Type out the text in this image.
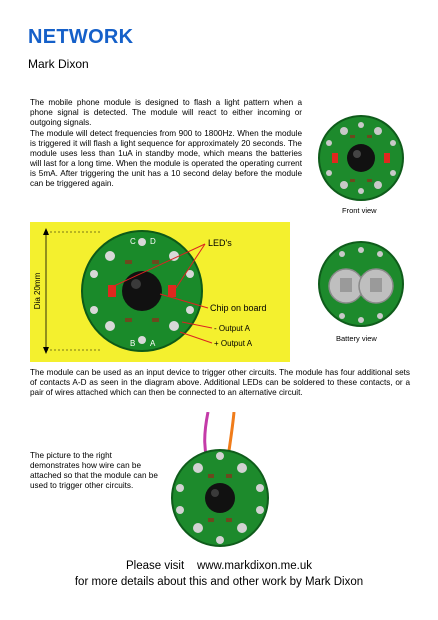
NETWORK
Mark Dixon
The mobile phone module is designed to flash a light pattern when a phone signal is detected. The module will react to either incoming or outgoing signals.
The module will detect frequencies from 900 to 1800Hz. When the module is triggered it will flash a light sequence for approximately 20 seconds. The module uses less than 1uA in standby mode, which means the batteries will last for a long time. When the module is operated the operating current is 5mA. After triggering the unit has a 10 second delay before the module can be triggered again.
Front view
Dia 20mm
C D
B A
LED's
Chip on board
- Output A
+ Output A
Battery view
The module can be used as an input device to trigger other circuits. The module has four additional sets of contacts A-D as seen in the diagram above. Additional LEDs can be soldered to these contacts, or a pair of wires attached which can then be connected to an alternative circuit.
The picture to the right demonstrates how wire can be attached so that the module can be used to trigger other circuits.
Please visit    www.markdixon.me.uk
for more details about this and other work by Mark Dixon
